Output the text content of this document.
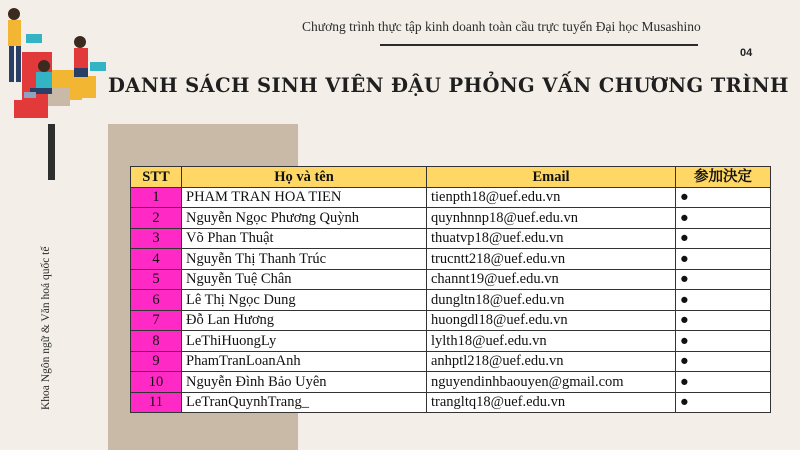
Chương trình thực tập kinh doanh toàn cầu trực tuyến Đại học Musashino
04
DANH SÁCH SINH VIÊN ĐẬU PHỎNG VẤN CHƯƠNG TRÌNH
Khoa Ngôn ngữ & Văn hoá quốc tế
STT	Họ và tên	Email	参加決定
1	PHAM TRAN HOA TIEN	tienpth18@uef.edu.vn	●
2	Nguyễn Ngọc Phương Quỳnh	quynhnnp18@uef.edu.vn	●
3	Võ Phan Thuật	thuatvp18@uef.edu.vn	●
4	Nguyễn Thị Thanh Trúc	trucntt218@uef.edu.vn	●
5	Nguyễn Tuệ Chân	channt19@uef.edu.vn	●
6	Lê Thị Ngọc Dung	dungltn18@uef.edu.vn	●
7	Đỗ Lan Hương	huongdl18@uef.edu.vn	●
8	LeThiHuongLy	lylth18@uef.edu.vn	●
9	PhamTranLoanAnh	anhptl218@uef.edu.vn	●
10	Nguyễn Đình Bảo Uyên	nguyendinhbaouyen@gmail.com	●
11	LeTranQuynhTrang_	trangltq18@uef.edu.vn	●
